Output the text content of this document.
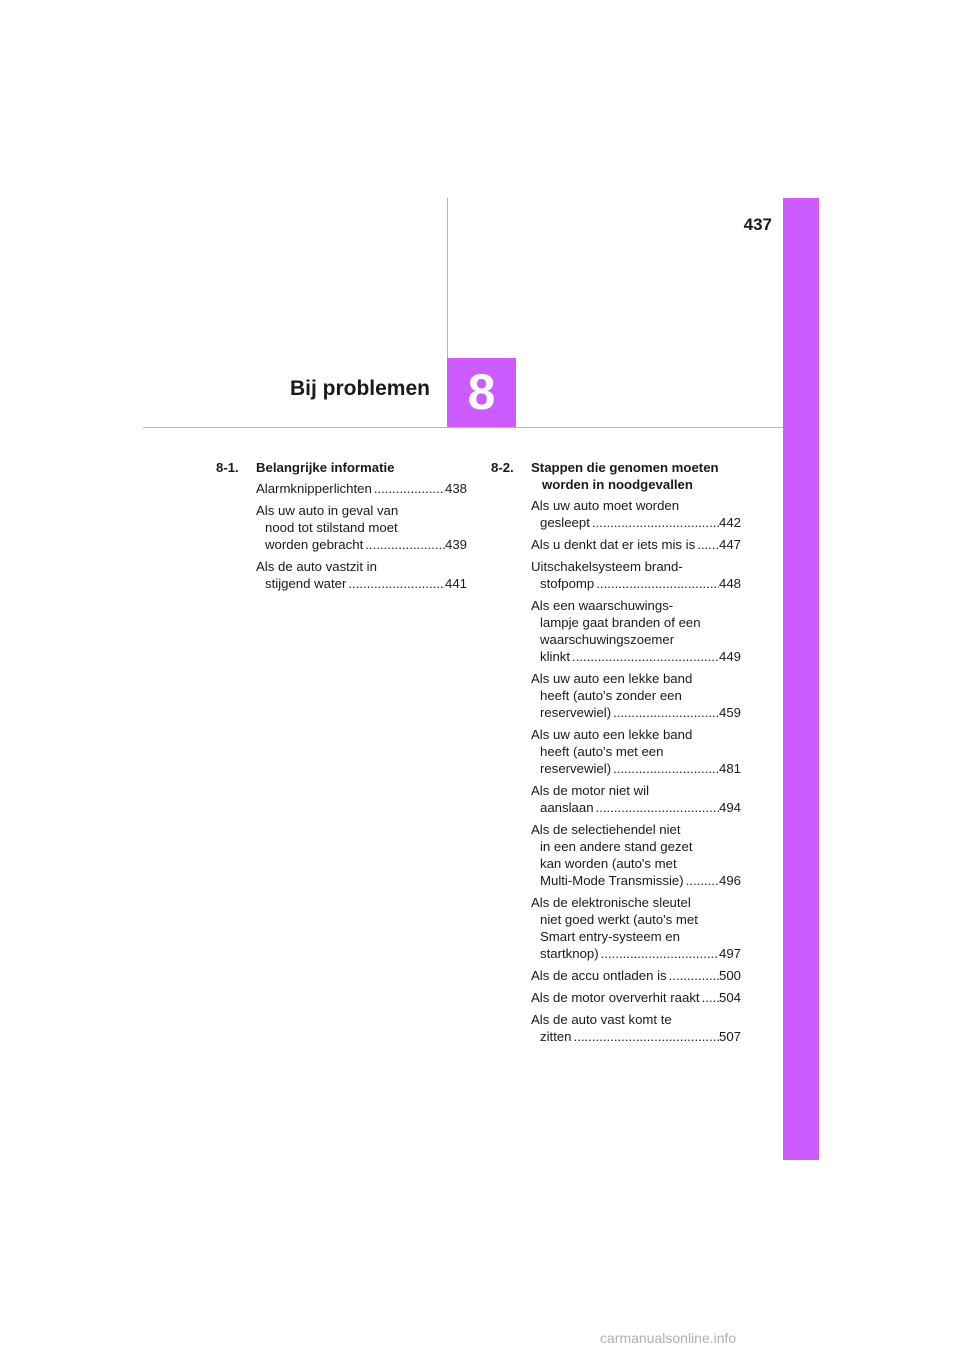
437
Bij problemen 8
8-1. Belangrijke informatie
Alarmknipperlichten .....	438
Als uw auto in geval van
nood tot stilstand moet
worden gebracht .....	439
Als de auto vastzit in
stijgend water .....	441
8-2. Stappen die genomen moeten worden in noodgevallen
Als uw auto moet worden
gesleept .....	442
Als u denkt dat er iets mis is ..... 447
Uitschakelsysteem brand-
stofpomp .....	448
Als een waarschuwings-
lampje gaat branden of een
waarschuwingszoemer
klinkt .....	449
Als uw auto een lekke band
heeft (auto's zonder een
reservewiel) .....	459
Als uw auto een lekke band
heeft (auto's met een
reservewiel) .....	481
Als de motor niet wil
aanslaan .....	494
Als de selectiehendel niet
in een andere stand gezet
kan worden (auto's met
Multi-Mode Transmissie) .....	496
Als de elektronische sleutel
niet goed werkt (auto's met
Smart entry-systeem en
startknop) .....	497
Als de accu ontladen is .....	500
Als de motor oververhit raakt ..... 504
Als de auto vast komt te
zitten .....	507
carmanualsonline.info
